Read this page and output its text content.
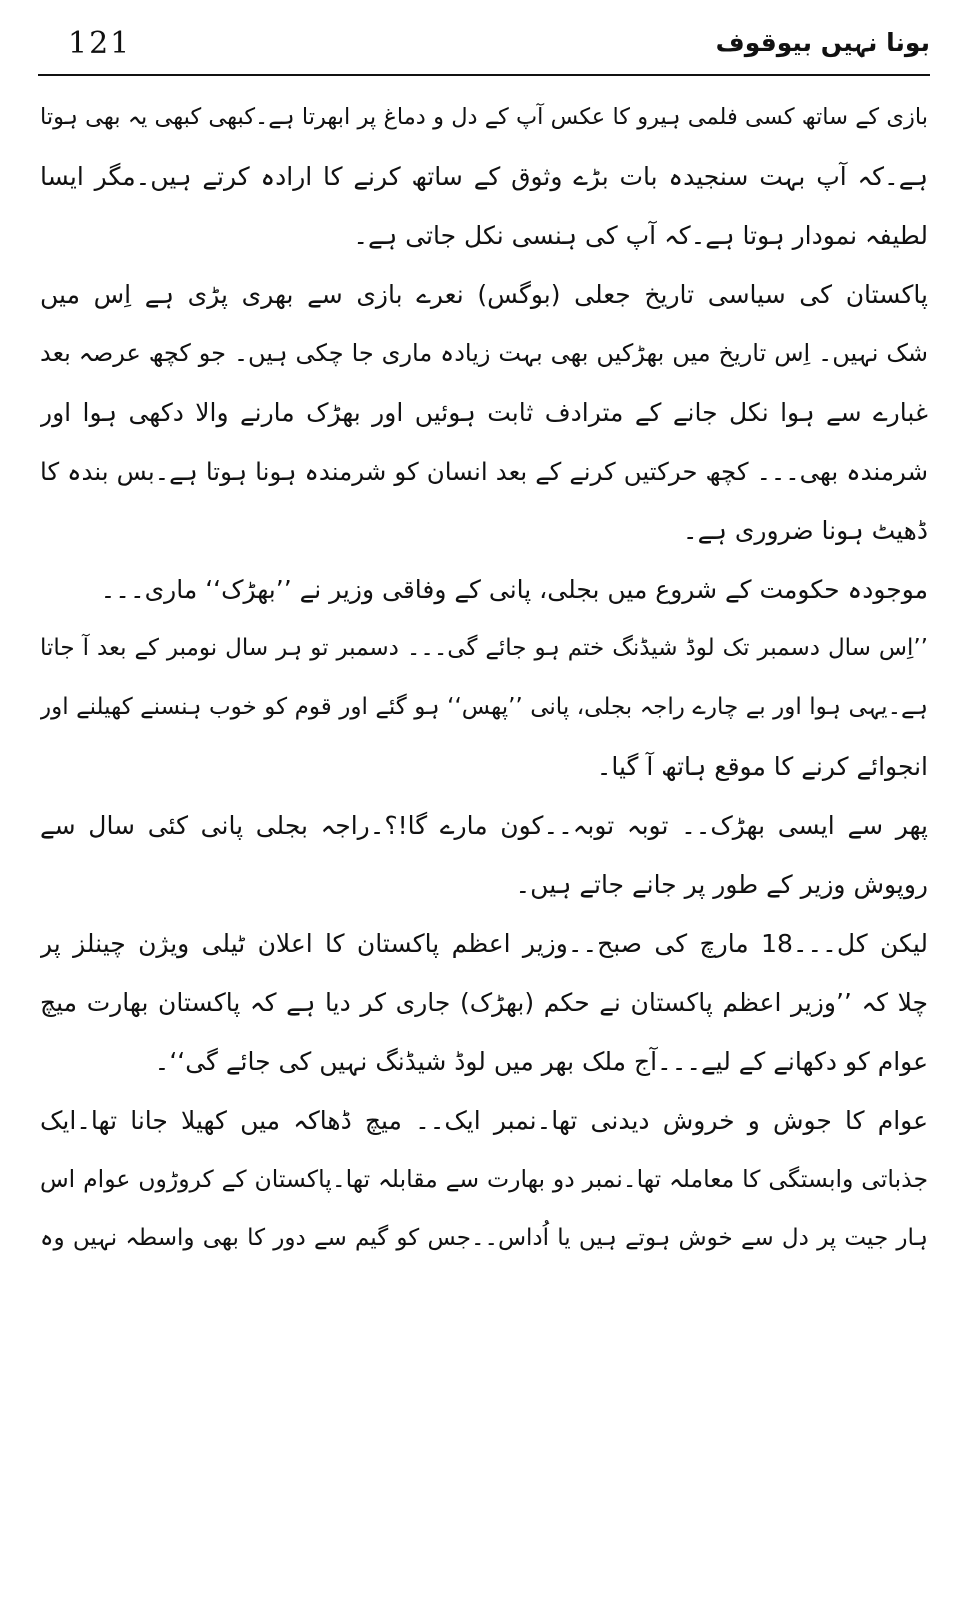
121	بونا نہیں بیوقوف
بازی کے ساتھ کسی فلمی ہیرو کا عکس آپ کے دل و دماغ پر ابھرتا ہے۔کبھی کبھی یہ بھی ہوتا
ہے۔کہ آپ بہت سنجیدہ بات بڑے وثوق کے ساتھ کرنے کا ارادہ کرتے ہیں۔مگر ایسا
لطیفہ نمودار ہوتا ہے۔کہ آپ کی ہنسی نکل جاتی ہے۔
پاکستان کی سیاسی تاریخ جعلی (بوگس) نعرے بازی سے بھری پڑی ہے اِس میں
شک نہیں۔ اِس تاریخ میں بھڑکیں بھی بہت زیادہ ماری جا چکی ہیں۔ جو کچھ عرصہ بعد
غبارے سے ہوا نکل جانے کے مترادف ثابت ہوئیں اور بھڑک مارنے والا دکھی ہوا اور
شرمندہ بھی۔۔۔ کچھ حرکتیں کرنے کے بعد انسان کو شرمندہ ہونا ہوتا ہے۔بس بندہ کا
ڈھیٹ ہونا ضروری ہے۔
موجودہ حکومت کے شروع میں بجلی، پانی کے وفاقی وزیر نے ’’بھڑک‘‘ ماری۔۔۔
’’اِس سال دسمبر تک لوڈ شیڈنگ ختم ہو جائے گی۔۔۔ دسمبر تو ہر سال نومبر کے بعد آ جاتا
ہے۔یہی ہوا اور بے چارے راجہ بجلی، پانی ’’پھس‘‘ ہو گئے اور قوم کو خوب ہنسنے کھیلنے اور
انجوائے کرنے کا موقع ہاتھ آ گیا۔
پھر سے ایسی بھڑک۔۔ توبہ توبہ۔۔کون مارے گا!؟۔راجہ بجلی پانی کئی سال سے
روپوش وزیر کے طور پر جانے جاتے ہیں۔
لیکن کل۔۔۔18 مارچ کی صبح۔۔وزیر اعظم پاکستان کا اعلان ٹیلی ویژن چینلز پر
چلا کہ ’’وزیر اعظم پاکستان نے حکم (بھڑک) جاری کر دیا ہے کہ پاکستان بھارت میچ
عوام کو دکھانے کے لیے۔۔۔آج ملک بھر میں لوڈ شیڈنگ نہیں کی جائے گی‘‘۔
عوام کا جوش و خروش دیدنی تھا۔نمبر ایک۔۔ میچ ڈھاکہ میں کھیلا جانا تھا۔ایک
جذباتی وابستگی کا معاملہ تھا۔نمبر دو بھارت سے مقابلہ تھا۔پاکستان کے کروڑوں عوام اس
ہار جیت پر دل سے خوش ہوتے ہیں یا اُداس۔۔جس کو گیم سے دور کا بھی واسطہ نہیں وہ
